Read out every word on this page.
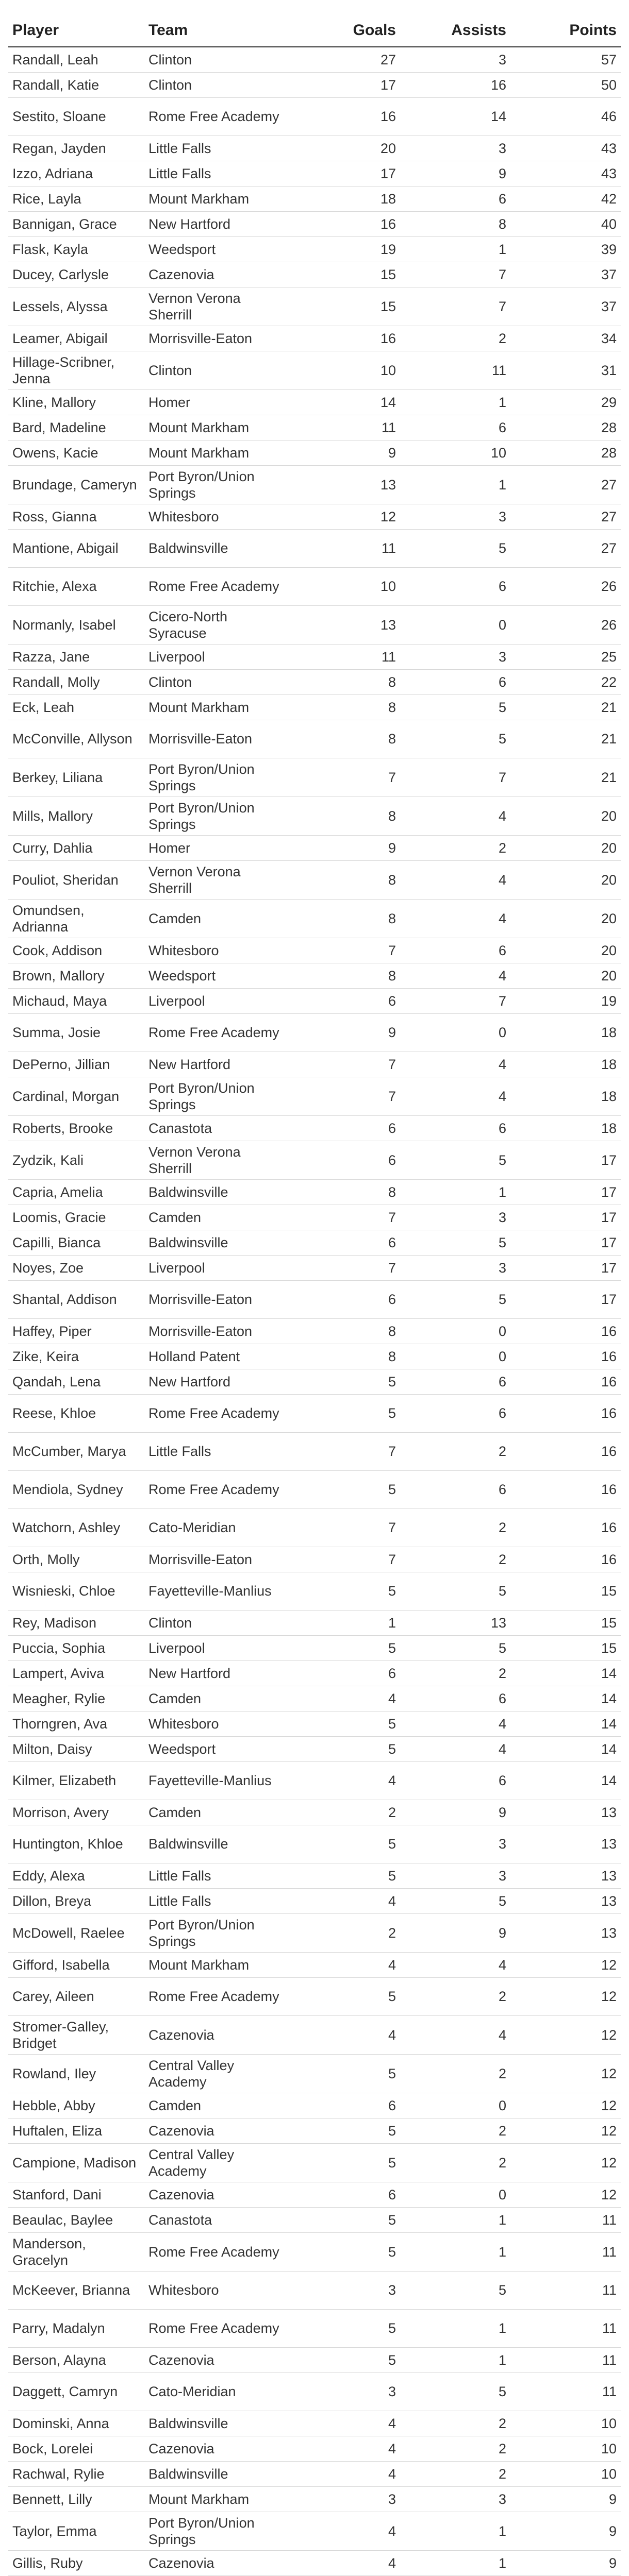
Player	Team	Goals	Assists	Points
Randall, Leah	Clinton	27	3	57
Randall, Katie	Clinton	17	16	50
Sestito, Sloane	Rome Free Academy	16	14	46
Regan, Jayden	Little Falls	20	3	43
Izzo, Adriana	Little Falls	17	9	43
Rice, Layla	Mount Markham	18	6	42
Bannigan, Grace	New Hartford	16	8	40
Flask, Kayla	Weedsport	19	1	39
Ducey, Carlysle	Cazenovia	15	7	37
Lessels, Alyssa	Vernon Verona Sherrill	15	7	37
Leamer, Abigail	Morrisville-Eaton	16	2	34
Hillage-Scribner, Jenna	Clinton	10	11	31
Kline, Mallory	Homer	14	1	29
Bard, Madeline	Mount Markham	11	6	28
Owens, Kacie	Mount Markham	9	10	28
Brundage, Cameryn	Port Byron/Union Springs	13	1	27
Ross, Gianna	Whitesboro	12	3	27
Mantione, Abigail	Baldwinsville	11	5	27
Ritchie, Alexa	Rome Free Academy	10	6	26
Normanly, Isabel	Cicero-North Syracuse	13	0	26
Razza, Jane	Liverpool	11	3	25
Randall, Molly	Clinton	8	6	22
Eck, Leah	Mount Markham	8	5	21
McConville, Allyson	Morrisville-Eaton	8	5	21
Berkey, Liliana	Port Byron/Union Springs	7	7	21
Mills, Mallory	Port Byron/Union Springs	8	4	20
Curry, Dahlia	Homer	9	2	20
Pouliot, Sheridan	Vernon Verona Sherrill	8	4	20
Omundsen, Adrianna	Camden	8	4	20
Cook, Addison	Whitesboro	7	6	20
Brown, Mallory	Weedsport	8	4	20
Michaud, Maya	Liverpool	6	7	19
Summa, Josie	Rome Free Academy	9	0	18
DePerno, Jillian	New Hartford	7	4	18
Cardinal, Morgan	Port Byron/Union Springs	7	4	18
Roberts, Brooke	Canastota	6	6	18
Zydzik, Kali	Vernon Verona Sherrill	6	5	17
Capria, Amelia	Baldwinsville	8	1	17
Loomis, Gracie	Camden	7	3	17
Capilli, Bianca	Baldwinsville	6	5	17
Noyes, Zoe	Liverpool	7	3	17
Shantal, Addison	Morrisville-Eaton	6	5	17
Haffey, Piper	Morrisville-Eaton	8	0	16
Zike, Keira	Holland Patent	8	0	16
Qandah, Lena	New Hartford	5	6	16
Reese, Khloe	Rome Free Academy	5	6	16
McCumber, Marya	Little Falls	7	2	16
Mendiola, Sydney	Rome Free Academy	5	6	16
Watchorn, Ashley	Cato-Meridian	7	2	16
Orth, Molly	Morrisville-Eaton	7	2	16
Wisnieski, Chloe	Fayetteville-Manlius	5	5	15
Rey, Madison	Clinton	1	13	15
Puccia, Sophia	Liverpool	5	5	15
Lampert, Aviva	New Hartford	6	2	14
Meagher, Rylie	Camden	4	6	14
Thorngren, Ava	Whitesboro	5	4	14
Milton, Daisy	Weedsport	5	4	14
Kilmer, Elizabeth	Fayetteville-Manlius	4	6	14
Morrison, Avery	Camden	2	9	13
Huntington, Khloe	Baldwinsville	5	3	13
Eddy, Alexa	Little Falls	5	3	13
Dillon, Breya	Little Falls	4	5	13
McDowell, Raelee	Port Byron/Union Springs	2	9	13
Gifford, Isabella	Mount Markham	4	4	12
Carey, Aileen	Rome Free Academy	5	2	12
Stromer-Galley, Bridget	Cazenovia	4	4	12
Rowland, Iley	Central Valley Academy	5	2	12
Hebble, Abby	Camden	6	0	12
Huftalen, Eliza	Cazenovia	5	2	12
Campione, Madison	Central Valley Academy	5	2	12
Stanford, Dani	Cazenovia	6	0	12
Beaulac, Baylee	Canastota	5	1	11
Manderson, Gracelyn	Rome Free Academy	5	1	11
McKeever, Brianna	Whitesboro	3	5	11
Parry, Madalyn	Rome Free Academy	5	1	11
Berson, Alayna	Cazenovia	5	1	11
Daggett, Camryn	Cato-Meridian	3	5	11
Dominski, Anna	Baldwinsville	4	2	10
Bock, Lorelei	Cazenovia	4	2	10
Rachwal, Rylie	Baldwinsville	4	2	10
Bennett, Lilly	Mount Markham	3	3	9
Taylor, Emma	Port Byron/Union Springs	4	1	9
Gillis, Ruby	Cazenovia	4	1	9
